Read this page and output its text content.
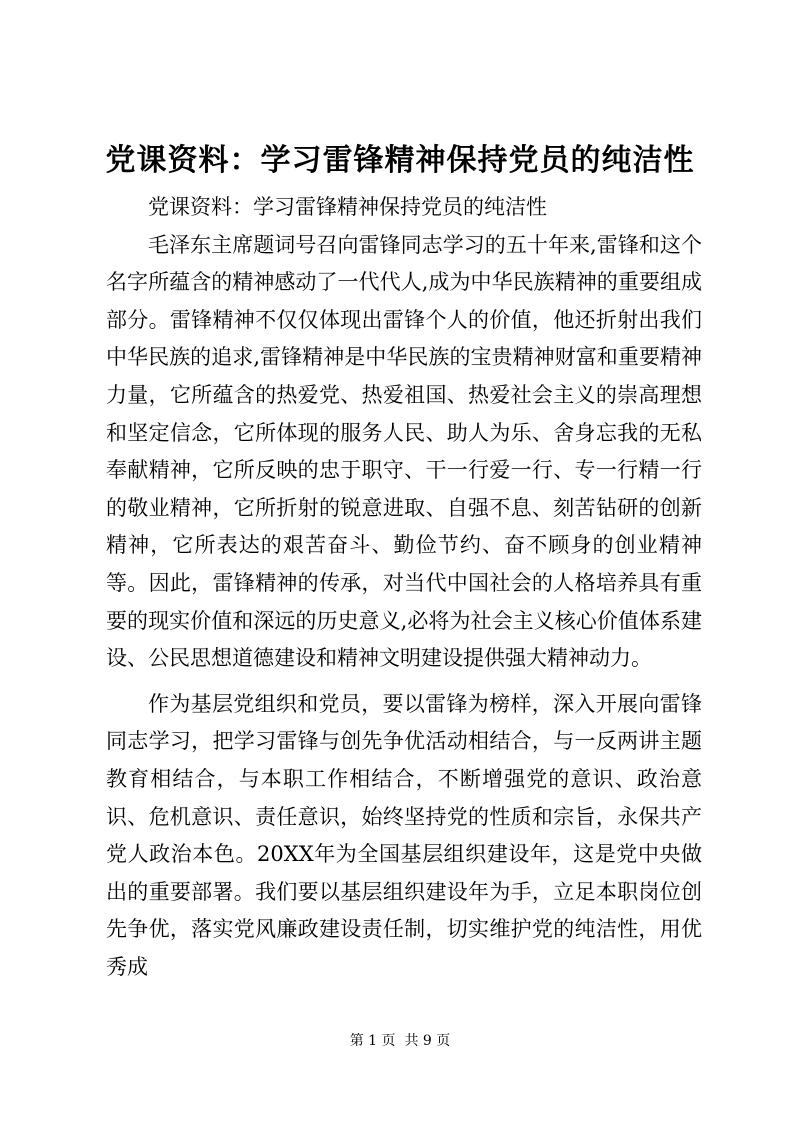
党课资料：学习雷锋精神保持党员的纯洁性

党课资料：学习雷锋精神保持党员的纯洁性

毛泽东主席题词号召向雷锋同志学习的五十年来,雷锋和这个名字所蕴含的精神感动了一代代人,成为中华民族精神的重要组成部分。雷锋精神不仅仅体现出雷锋个人的价值，他还折射出我们中华民族的追求,雷锋精神是中华民族的宝贵精神财富和重要精神力量，它所蕴含的热爱党、热爱祖国、热爱社会主义的崇高理想和坚定信念，它所体现的服务人民、助人为乐、舍身忘我的无私奉献精神，它所反映的忠于职守、干一行爱一行、专一行精一行的敬业精神，它所折射的锐意进取、自强不息、刻苦钻研的创新精神，它所表达的艰苦奋斗、勤俭节约、奋不顾身的创业精神等。因此，雷锋精神的传承，对当代中国社会的人格培养具有重要的现实价值和深远的历史意义,必将为社会主义核心价值体系建设、公民思想道德建设和精神文明建设提供强大精神动力。

作为基层党组织和党员，要以雷锋为榜样，深入开展向雷锋同志学习，把学习雷锋与创先争优活动相结合，与一反两讲主题教育相结合，与本职工作相结合，不断增强党的意识、政治意识、危机意识、责任意识，始终坚持党的性质和宗旨，永保共产党人政治本色。20XX年为全国基层组织建设年，这是党中央做出的重要部署。我们要以基层组织建设年为手，立足本职岗位创先争优，落实党风廉政建设责任制，切实维护党的纯洁性，用优秀成

第 1 页  共 9 页
